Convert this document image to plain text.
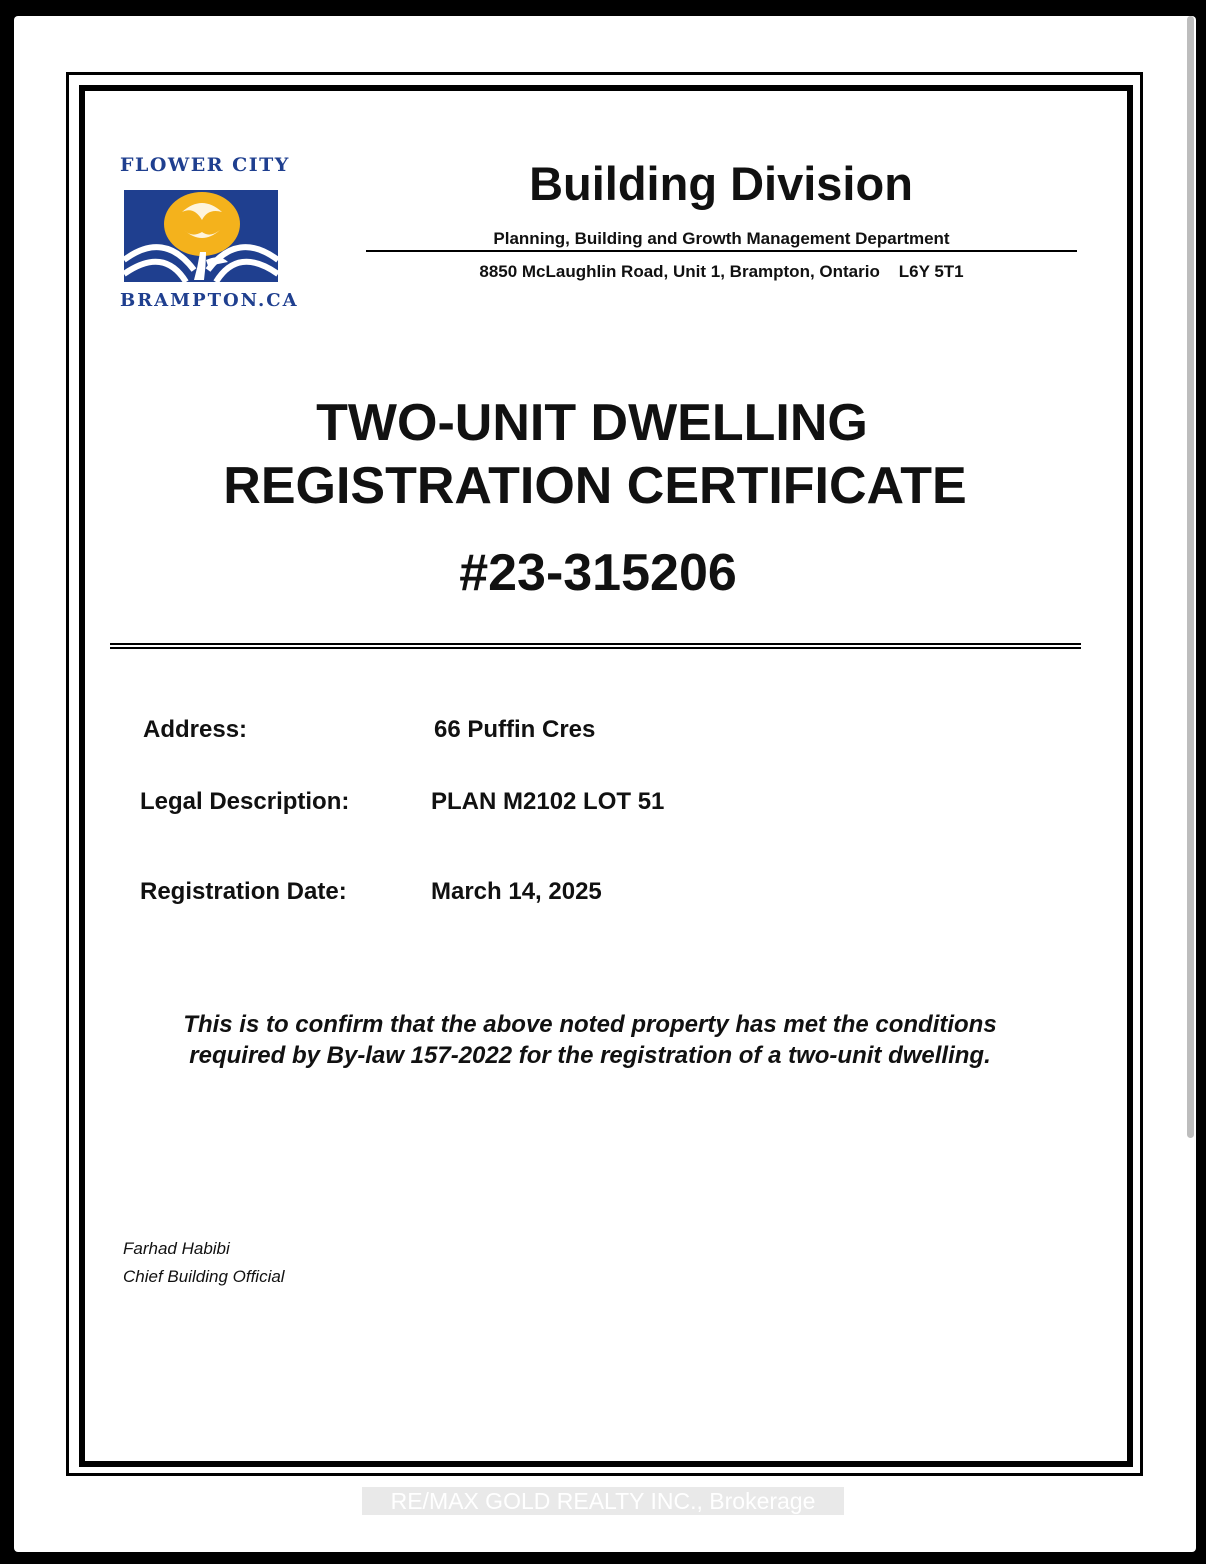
FLOWER CITY
BRAMPTON.CA
Building Division
Planning, Building and Growth Management Department
8850 McLaughlin Road, Unit 1, Brampton, Ontario    L6Y 5T1
TWO-UNIT DWELLING
REGISTRATION CERTIFICATE
#23-315206
Address:	66 Puffin Cres
Legal Description:	PLAN M2102 LOT 51
Registration Date:	March 14, 2025
This is to confirm that the above noted property has met the conditions
required by By-law 157-2022 for the registration of a two-unit dwelling.
Farhad Habibi
Chief Building Official
RE/MAX GOLD REALTY INC., Brokerage
